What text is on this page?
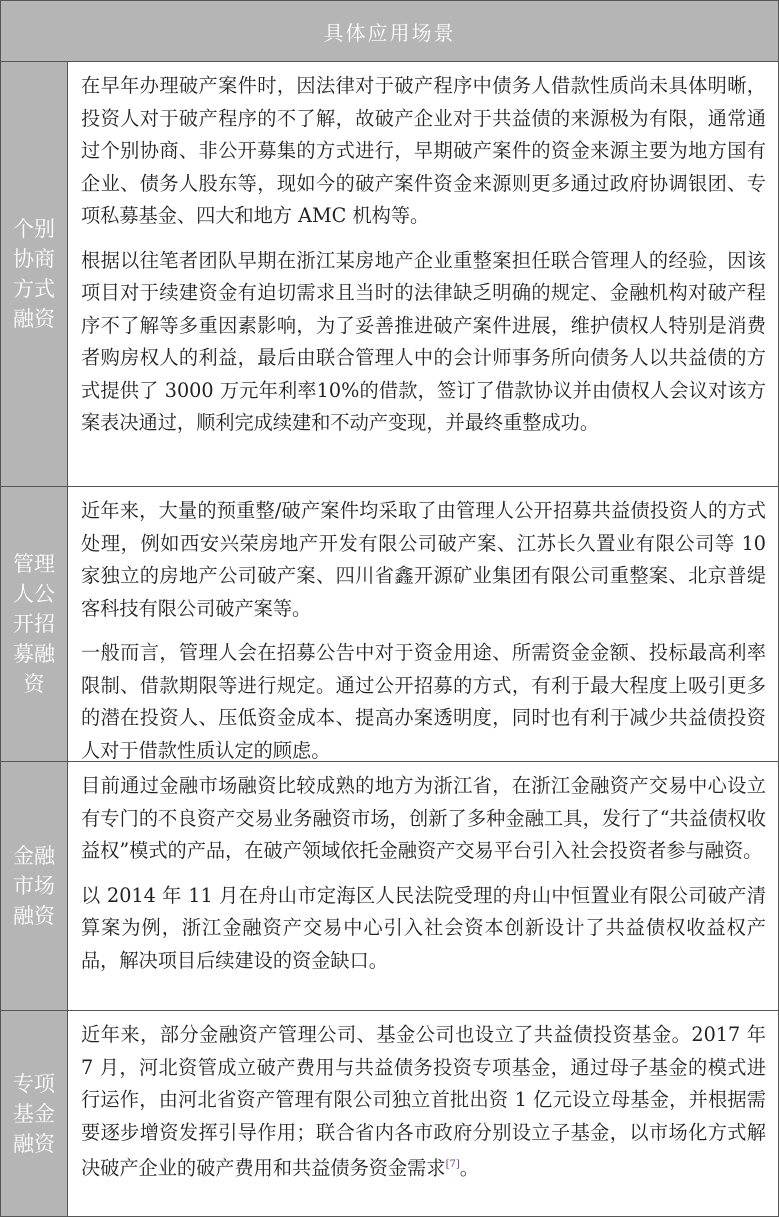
具体应用场景
个别协商方式融资

在早年办理破产案件时，因法律对于破产程序中债务人借款性质尚未具体明晰，投资人对于破产程序的不了解，故破产企业对于共益债的来源极为有限，通常通过个别协商、非公开募集的方式进行，早期破产案件的资金来源主要为地方国有企业、债务人股东等，现如今的破产案件资金来源则更多通过政府协调银团、专项私募基金、四大和地方 AMC 机构等。

根据以往笔者团队早期在浙江某房地产企业重整案担任联合管理人的经验，因该项目对于续建资金有迫切需求且当时的法律缺乏明确的规定、金融机构对破产程序不了解等多重因素影响，为了妥善推进破产案件进展，维护债权人特别是消费者购房权人的利益，最后由联合管理人中的会计师事务所向债务人以共益债的方式提供了 3000 万元年利率10%的借款，签订了借款协议并由债权人会议对该方案表决通过，顺利完成续建和不动产变现，并最终重整成功。

管理人公开招募融资

近年来，大量的预重整/破产案件均采取了由管理人公开招募共益债投资人的方式处理，例如西安兴荣房地产开发有限公司破产案、江苏长久置业有限公司等 10 家独立的房地产公司破产案、四川省鑫开源矿业集团有限公司重整案、北京普缇客科技有限公司破产案等。

一般而言，管理人会在招募公告中对于资金用途、所需资金金额、投标最高利率限制、借款期限等进行规定。通过公开招募的方式，有利于最大程度上吸引更多的潜在投资人、压低资金成本、提高办案透明度，同时也有利于减少共益债投资人对于借款性质认定的顾虑。

金融市场融资

目前通过金融市场融资比较成熟的地方为浙江省，在浙江金融资产交易中心设立有专门的不良资产交易业务融资市场，创新了多种金融工具，发行了“共益债权收益权”模式的产品，在破产领域依托金融资产交易平台引入社会投资者参与融资。

以 2014 年 11 月在舟山市定海区人民法院受理的舟山中恒置业有限公司破产清算案为例，浙江金融资产交易中心引入社会资本创新设计了共益债权收益权产品，解决项目后续建设的资金缺口。

专项基金融资

近年来，部分金融资产管理公司、基金公司也设立了共益债投资基金。2017 年 7 月，河北资管成立破产费用与共益债务投资专项基金，通过母子基金的模式进行运作，由河北省资产管理有限公司独立首批出资 1 亿元设立母基金，并根据需要逐步增资发挥引导作用；联合省内各市政府分别设立子基金，以市场化方式解决破产企业的破产费用和共益债务资金需求[7]。
